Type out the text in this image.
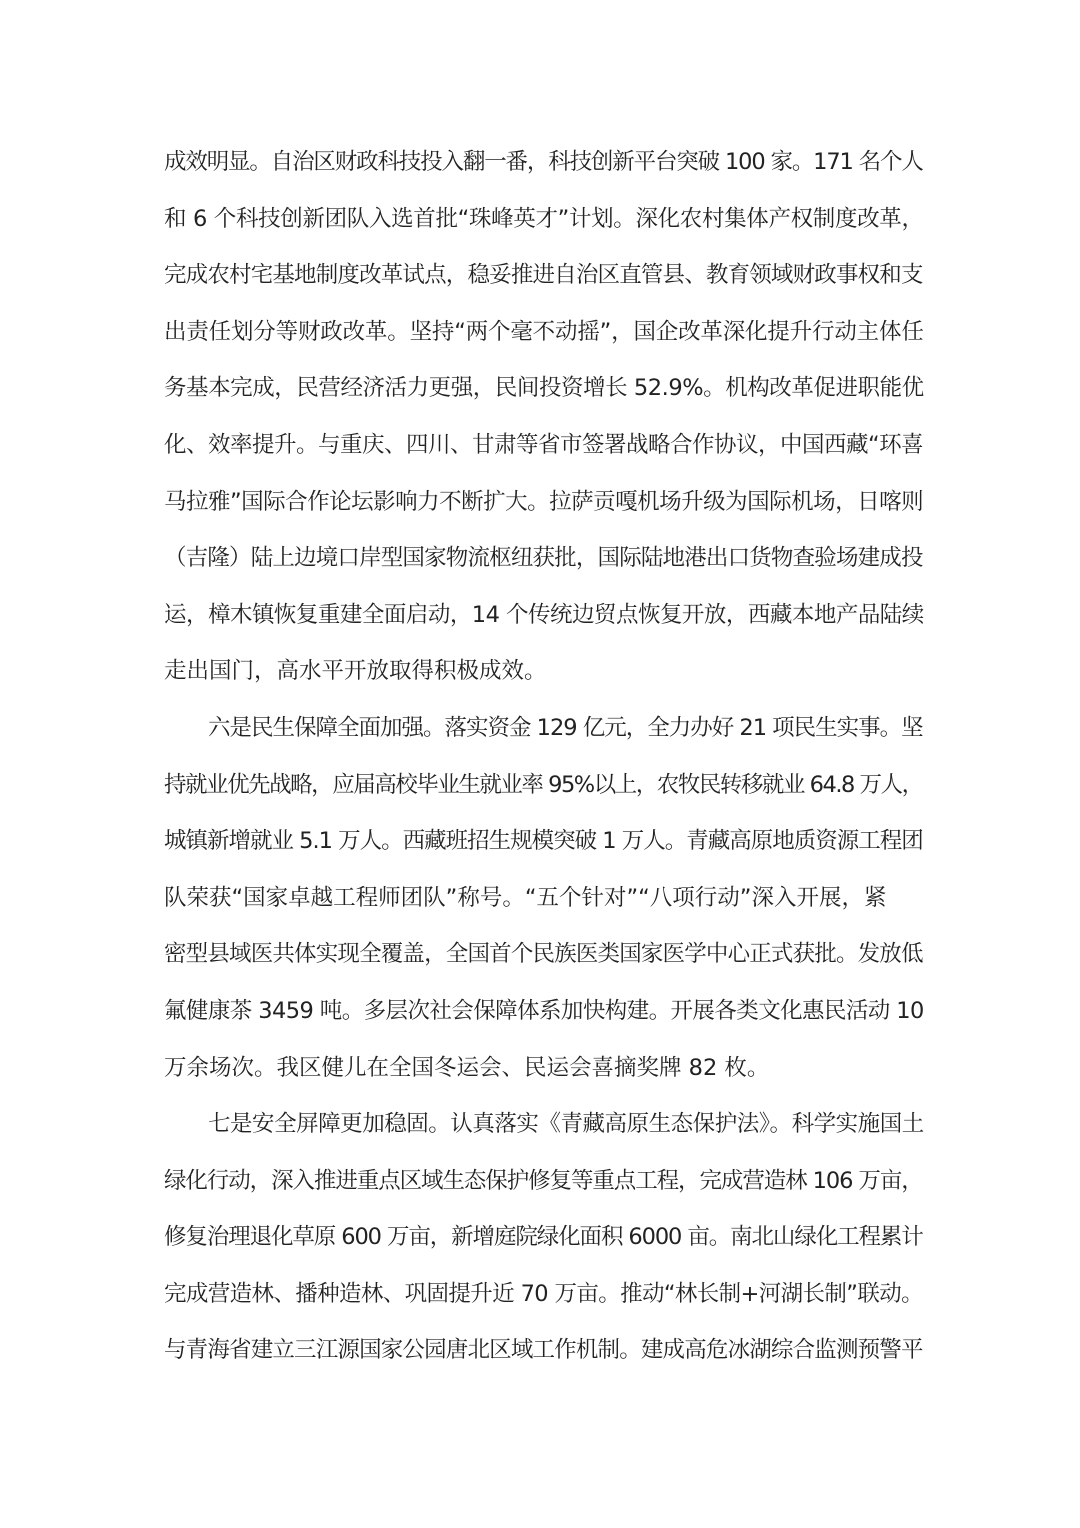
成效明显。自治区财政科技投入翻一番，科技创新平台突破 100 家。171 名个人
和 6 个科技创新团队入选首批“珠峰英才”计划。深化农村集体产权制度改革，
完成农村宅基地制度改革试点，稳妥推进自治区直管县、教育领域财政事权和支
出责任划分等财政改革。坚持“两个毫不动摇”，国企改革深化提升行动主体任
务基本完成，民营经济活力更强，民间投资增长 52.9%。机构改革促进职能优
化、效率提升。与重庆、四川、甘肃等省市签署战略合作协议，中国西藏“环喜
马拉雅”国际合作论坛影响力不断扩大。拉萨贡嘎机场升级为国际机场，日喀则
（吉隆）陆上边境口岸型国家物流枢纽获批，国际陆地港出口货物查验场建成投
运，樟木镇恢复重建全面启动，14 个传统边贸点恢复开放，西藏本地产品陆续
走出国门，高水平开放取得积极成效。
六是民生保障全面加强。落实资金 129 亿元，全力办好 21 项民生实事。坚
持就业优先战略，应届高校毕业生就业率 95%以上，农牧民转移就业 64.8 万人，
城镇新增就业 5.1 万人。西藏班招生规模突破 1 万人。青藏高原地质资源工程团
队荣获“国家卓越工程师团队”称号。“五个针对”“八项行动”深入开展，紧
密型县域医共体实现全覆盖，全国首个民族医类国家医学中心正式获批。发放低
氟健康茶 3459 吨。多层次社会保障体系加快构建。开展各类文化惠民活动 10
万余场次。我区健儿在全国冬运会、民运会喜摘奖牌 82 枚。
七是安全屏障更加稳固。认真落实《青藏高原生态保护法》。科学实施国土
绿化行动，深入推进重点区域生态保护修复等重点工程，完成营造林 106 万亩，
修复治理退化草原 600 万亩，新增庭院绿化面积 6000 亩。南北山绿化工程累计
完成营造林、播种造林、巩固提升近 70 万亩。推动“林长制+河湖长制”联动。
与青海省建立三江源国家公园唐北区域工作机制。建成高危冰湖综合监测预警平
